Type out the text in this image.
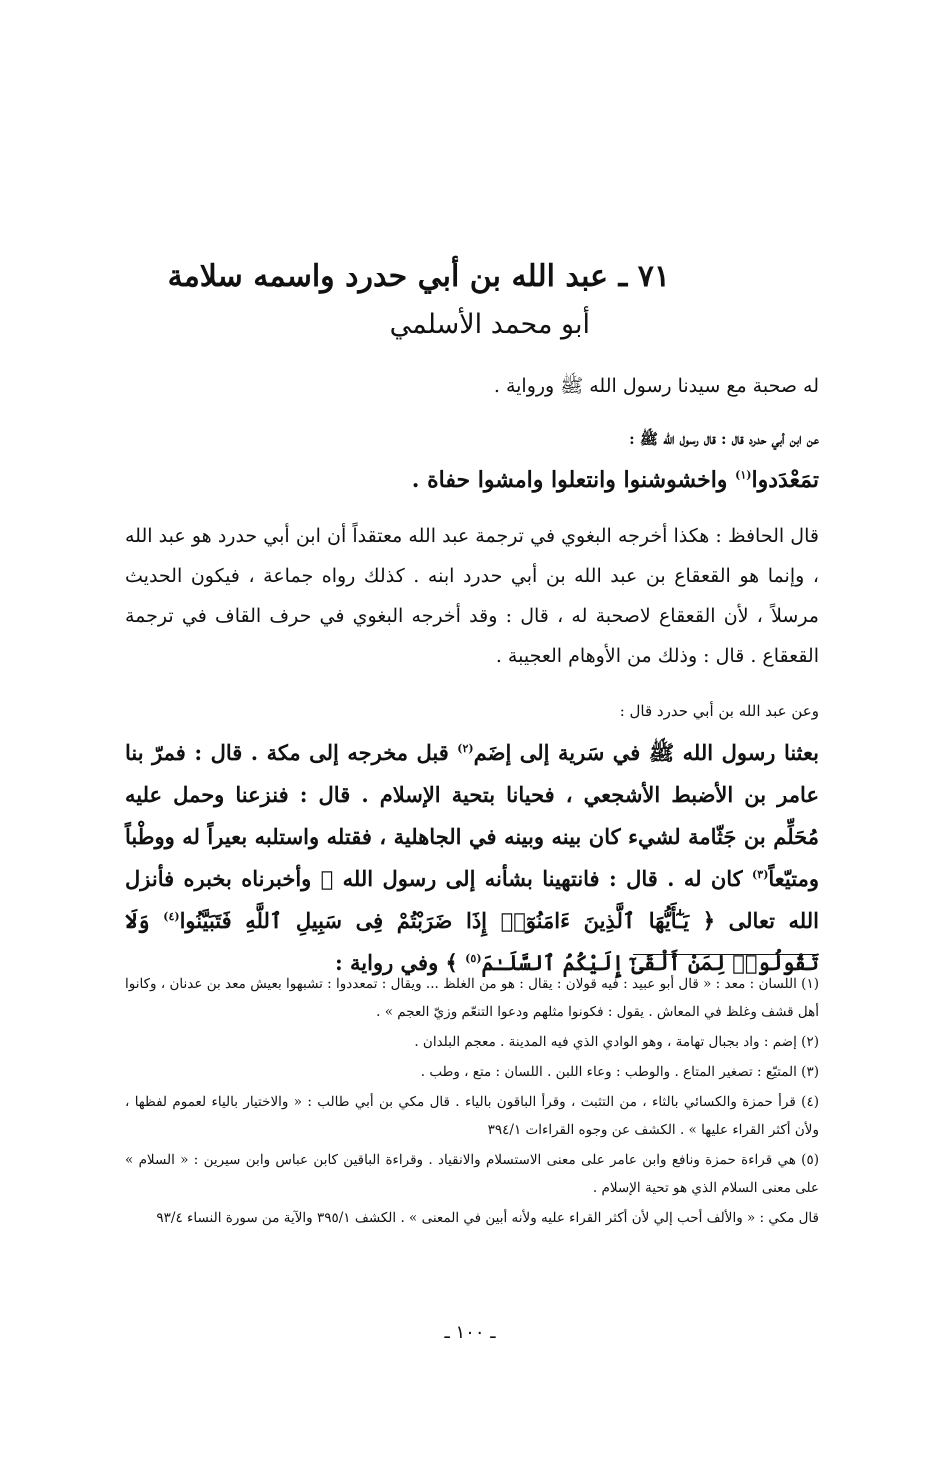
٧١ ـ عبد الله بن أبي حدرد واسمه سلامة
أبو محمد الأسلمي
له صحبة مع سيدنا رسول الله ﷺ ورواية .
عن ابن أبي حدرد قال : قال رسول الله ﷺ :
تمَعْدَدوا$^{(١)}$ واخشوشنوا وانتعلوا وامشوا حفاة .
قال الحافظ : هكذا أخرجه البغوي في ترجمة عبد الله معتقداً أن ابن أبي حدرد هو عبد الله ، وإنما هو القعقاع بن عبد الله بن أبي حدرد ابنه . كذلك رواه جماعة ، فيكون الحديث مرسلاً ، لأن القعقاع لاصحبة له ، قال : وقد أخرجه البغوي في حرف القاف في ترجمة القعقاع . قال : وذلك من الأوهام العجيبة .
وعن عبد الله بن أبي حدرد قال :
بعثنا رسول الله ﷺ في سَرية إلى إضَم$^{(٢)}$ قبل مخرجه إلى مكة . قال : فمرّ بنا عامر بن الأضبط الأشجعي ، فحيانا بتحية الإسلام . قال : فنزعنا وحمل عليه مُحَلِّم بن جَثّامة لشيء كان بينه وبينه في الجاهلية ، فقتله واستلبه بعيراً له ووطْباً ومتيّعاً$^{(٣)}$ كان له . قال : فانتهينا بشأنه إلى رسول الله ﷺ وأخبرناه بخبره فأنزل الله تعالى ﴿ يَـٰٓأَيُّهَا ٱلَّذِينَ ءَامَنُوٓا۟ إِذَا ضَرَبْتُمْ فِى سَبِيلِ ٱللَّهِ فَتَبَيَّنُوا$^{(٤)}$ وَلَا تَقُولُوا۟ لِمَنْ أَلْقَىٰٓ إِلَيْكُمُ ٱلسَّلَـٰمَ$^{(٥)}$ ﴾ وفي رواية :

(١) اللسان : معد : « قال أبو عبيد : فيه قولان : يقال : هو من الغلظ ... ويقال : تمعددوا : تشبهوا بعيش معد بن عدنان ، وكانوا أهل قشف وغلظ في المعاش . يقول : فكونوا مثلهم ودعوا التنعّم وزيّ العجم » .

(٢) إضم : واد بجبال تهامة ، وهو الوادي الذي فيه المدينة . معجم البلدان .

(٣) المتيّع : تصغير المتاع . والوطب : وعاء اللبن . اللسان : متع ، وطب .

(٤) قرأ حمزة والكسائي بالثاء ، من التثبت ، وقرأ الباقون بالياء . قال مكي بن أبي طالب : « والاختيار بالياء لعموم لفظها ، ولأن أكثر القراء عليها » . الكشف عن وجوه القراءات ٣٩٤/١

(٥) هي قراءة حمزة ونافع وابن عامر على معنى الاستسلام والانقياد . وقراءة الباقين كابن عباس وابن سيرين : « السلام » على معنى السلام الذي هو تحية الإسلام .

قال مكي : « والألف أحب إلي لأن أكثر القراء عليه ولأنه أبين في المعنى » . الكشف ٣٩٥/١ والآية من سورة النساء ٩٣/٤

ـ ١٠٠ ـ
